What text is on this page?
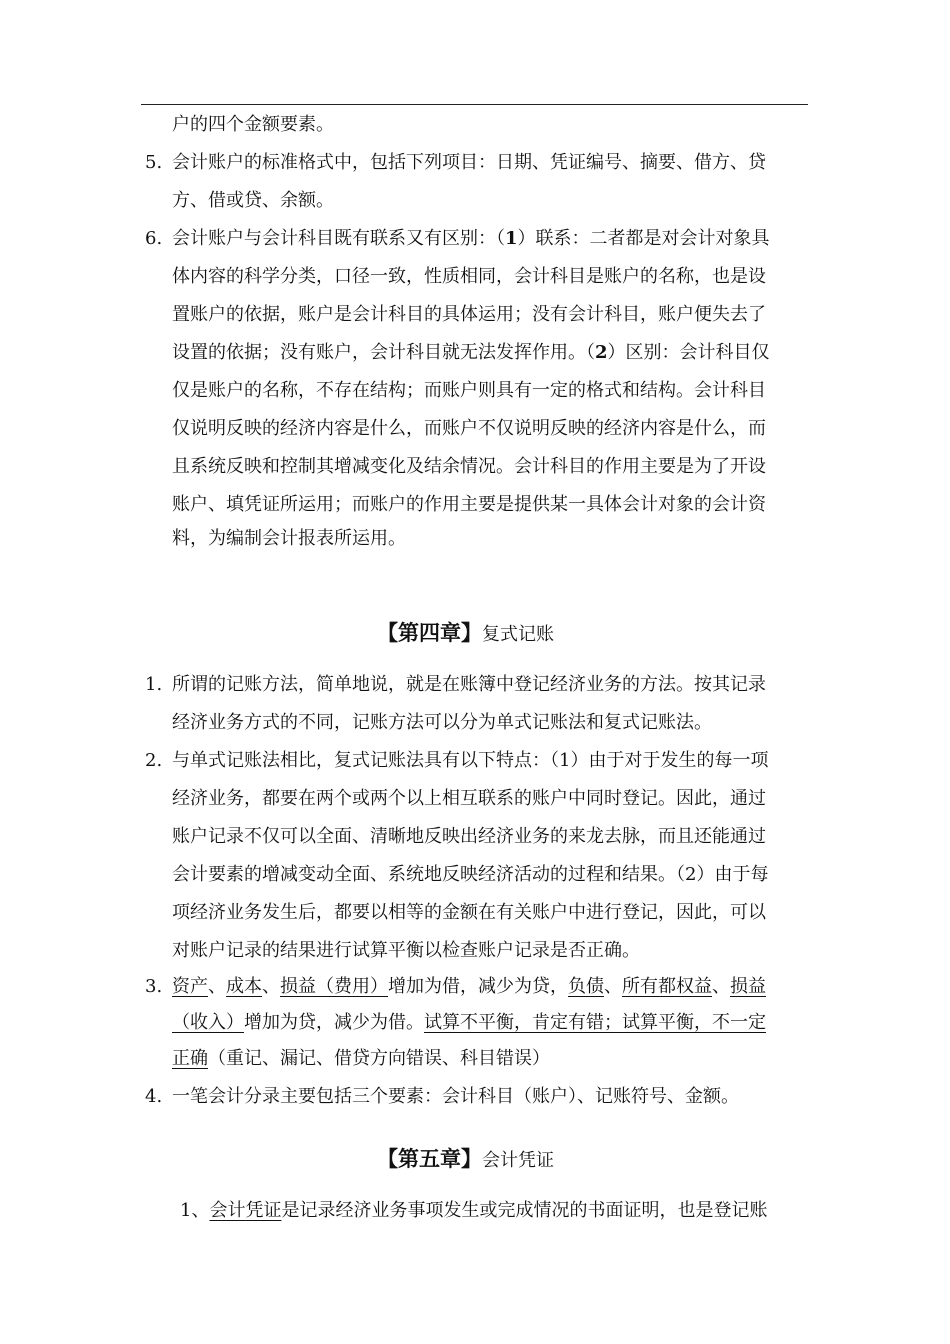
户的四个金额要素。
5. 会计账户的标准格式中，包括下列项目：日期、凭证编号、摘要、借方、贷
方、借或贷、余额。
6. 会计账户与会计科目既有联系又有区别：（1）联系：二者都是对会计对象具
体内容的科学分类，口径一致，性质相同，会计科目是账户的名称，也是设
置账户的依据，账户是会计科目的具体运用；没有会计科目，账户便失去了
设置的依据；没有账户，会计科目就无法发挥作用。（2）区别：会计科目仅
仅是账户的名称，不存在结构；而账户则具有一定的格式和结构。会计科目
仅说明反映的经济内容是什么，而账户不仅说明反映的经济内容是什么，而
且系统反映和控制其增减变化及结余情况。会计科目的作用主要是为了开设
账户、填凭证所运用；而账户的作用主要是提供某一具体会计对象的会计资
料，为编制会计报表所运用。
【第四章】复式记账
1. 所谓的记账方法，简单地说，就是在账簿中登记经济业务的方法。按其记录
经济业务方式的不同，记账方法可以分为单式记账法和复式记账法。
2. 与单式记账法相比，复式记账法具有以下特点：（1）由于对于发生的每一项
经济业务，都要在两个或两个以上相互联系的账户中同时登记。因此，通过
账户记录不仅可以全面、清晰地反映出经济业务的来龙去脉，而且还能通过
会计要素的增减变动全面、系统地反映经济活动的过程和结果。（2）由于每
项经济业务发生后，都要以相等的金额在有关账户中进行登记，因此，可以
对账户记录的结果进行试算平衡以检查账户记录是否正确。
3. 资产、成本、损益（费用）增加为借，减少为贷，负债、所有都权益、损益
（收入）增加为贷，减少为借。试算不平衡，肯定有错；试算平衡，不一定
正确（重记、漏记、借贷方向错误、科目错误）
4. 一笔会计分录主要包括三个要素：会计科目（账户）、记账符号、金额。
【第五章】会计凭证
1、会计凭证是记录经济业务事项发生或完成情况的书面证明，也是登记账
